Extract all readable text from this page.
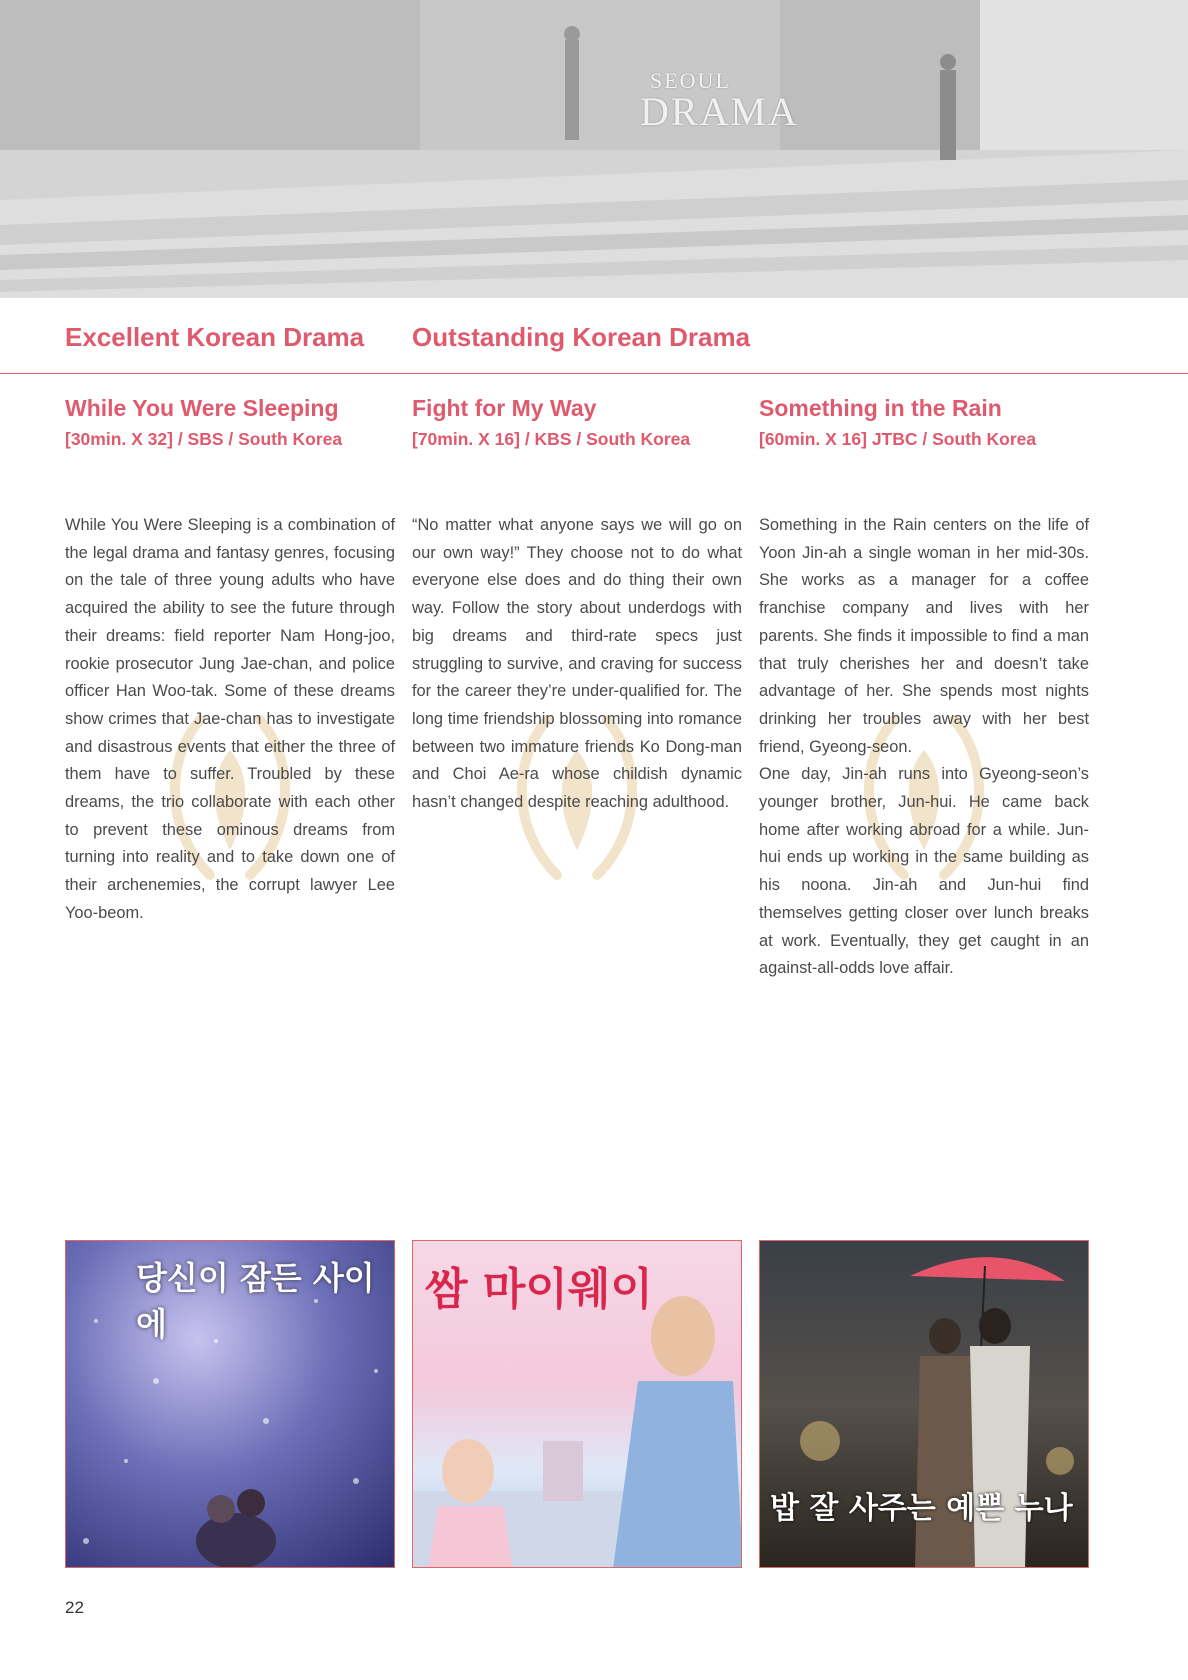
SEOUL
DRAMA
Excellent Korean Drama Outstanding Korean Drama
While You Were Sleeping
[30min. X 32] / SBS / South Korea
Fight for My Way
[70min. X 16] / KBS / South Korea
Something in the Rain
[60min. X 16] JTBC / South Korea

While You Were Sleeping is a combination of the legal drama and fantasy genres, focusing on the tale of three young adults who have acquired the ability to see the future through their dreams: field reporter Nam Hong-joo, rookie prosecutor Jung Jae-chan, and police officer Han Woo-tak. Some of these dreams show crimes that Jae-chan has to investigate and disastrous events that either the three of them have to suffer. Troubled by these dreams, the trio collaborate with each other to prevent these ominous dreams from turning into reality and to take down one of their archenemies, the corrupt lawyer Lee Yoo-beom.

“No matter what anyone says we will go on our own way!” They choose not to do what everyone else does and do thing their own way. Follow the story about underdogs with big dreams and third-rate specs just struggling to survive, and craving for success for the career they’re under-qualified for. The long time friendship blossoming into romance between two immature friends Ko Dong-man and Choi Ae-ra whose childish dynamic hasn’t changed despite reaching adulthood.

Something in the Rain centers on the life of Yoon Jin-ah a single woman in her mid-30s. She works as a manager for a coffee franchise company and lives with her parents. She finds it impossible to find a man that truly cherishes her and doesn’t take advantage of her. She spends most nights drinking her troubles away with her best friend, Gyeong-seon.

One day, Jin-ah runs into Gyeong-seon’s younger brother, Jun-hui. He came back home after working abroad for a while. Jun-hui ends up working in the same building as his noona. Jin-ah and Jun-hui find themselves getting closer over lunch breaks at work. Eventually, they get caught in an against-all-odds love affair.

당신이 잠든 사이에
쌈 마이웨이
밥 잘 사주는 예쁜 누나
22
